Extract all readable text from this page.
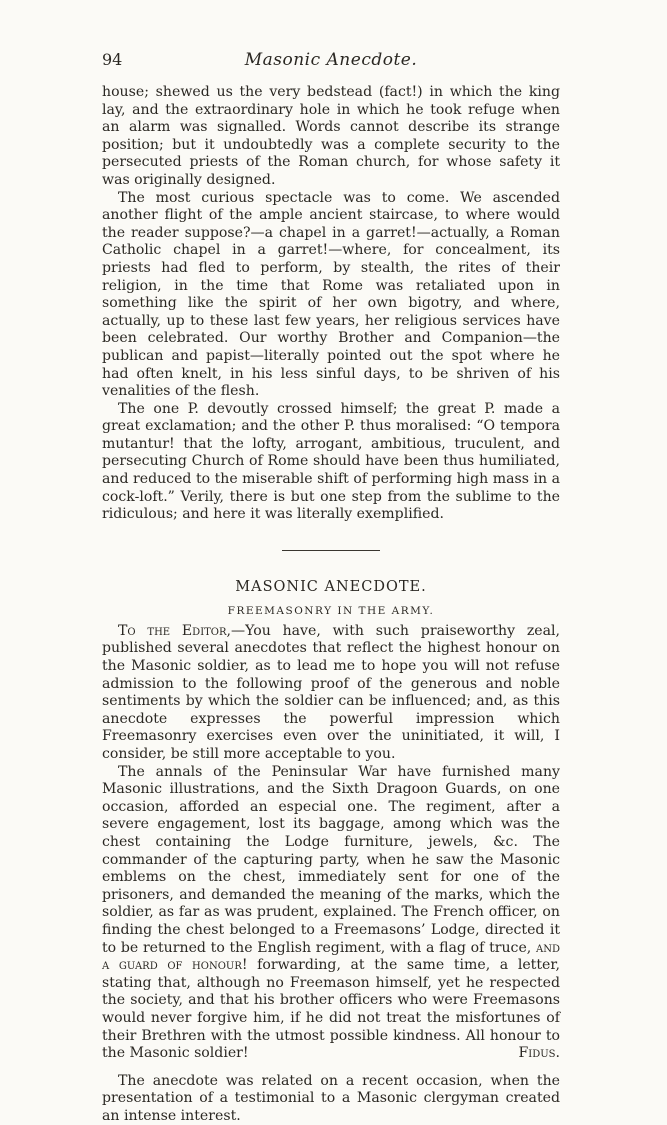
94	Masonic Anecdote.

house; shewed us the very bedstead (fact!) in which the king lay, and the extraordinary hole in which he took refuge when an alarm was signalled. Words cannot describe its strange position; but it undoubtedly was a complete security to the persecuted priests of the Roman church, for whose safety it was originally designed.

The most curious spectacle was to come. We ascended another flight of the ample ancient staircase, to where would the reader suppose?—a chapel in a garret!—actually, a Roman Catholic chapel in a garret!—where, for concealment, its priests had fled to perform, by stealth, the rites of their religion, in the time that Rome was retaliated upon in something like the spirit of her own bigotry, and where, actually, up to these last few years, her religious services have been celebrated. Our worthy Brother and Companion—the publican and papist—literally pointed out the spot where he had often knelt, in his less sinful days, to be shriven of his venalities of the flesh.

The one P. devoutly crossed himself; the great P. made a great exclamation; and the other P. thus moralised: “O tempora mutantur! that the lofty, arrogant, ambitious, truculent, and persecuting Church of Rome should have been thus humiliated, and reduced to the miserable shift of performing high mass in a cock-loft.” Verily, there is but one step from the sublime to the ridiculous; and here it was literally exemplified.

MASONIC ANECDOTE.
FREEMASONRY IN THE ARMY.

To the Editor,—You have, with such praiseworthy zeal, published several anecdotes that reflect the highest honour on the Masonic soldier, as to lead me to hope you will not refuse admission to the following proof of the generous and noble sentiments by which the soldier can be influenced; and, as this anecdote expresses the powerful impression which Freemasonry exercises even over the uninitiated, it will, I consider, be still more acceptable to you.

The annals of the Peninsular War have furnished many Masonic illustrations, and the Sixth Dragoon Guards, on one occasion, afforded an especial one. The regiment, after a severe engagement, lost its baggage, among which was the chest containing the Lodge furniture, jewels, &c. The commander of the capturing party, when he saw the Masonic emblems on the chest, immediately sent for one of the prisoners, and demanded the meaning of the marks, which the soldier, as far as was prudent, explained. The French officer, on finding the chest belonged to a Freemasons’ Lodge, directed it to be returned to the English regiment, with a flag of truce, and a guard of honour! forwarding, at the same time, a letter, stating that, although no Freemason himself, yet he respected the society, and that his brother officers who were Freemasons would never forgive him, if he did not treat the misfortunes of their Brethren with the utmost possible kindness. All honour to the Masonic soldier!	Fidus.

The anecdote was related on a recent occasion, when the presentation of a testimonial to a Masonic clergyman created an intense interest.
